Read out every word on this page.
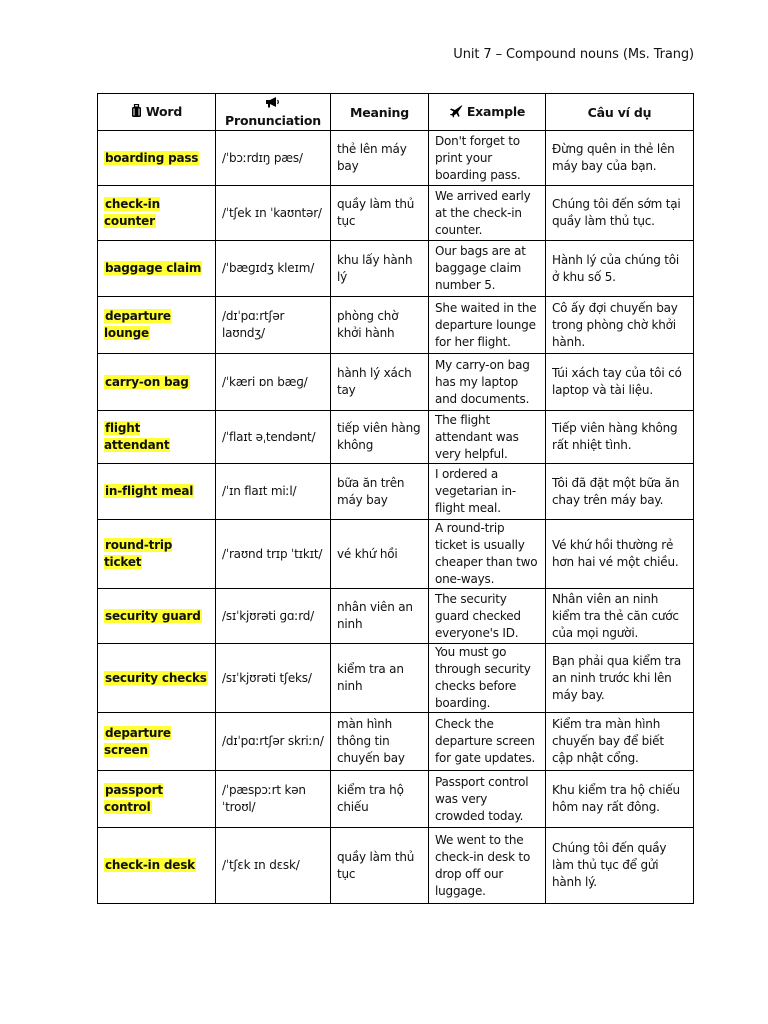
Unit 7 – Compound nouns (Ms. Trang)
Word	Pronunciation	Meaning	Example	Câu ví dụ
boarding pass	/ˈbɔːrdɪŋ pæs/	thẻ lên máy bay	Don't forget to print your boarding pass.	Đừng quên in thẻ lên máy bay của bạn.
check-in counter	/ˈtʃek ɪn ˈkaʊntər/	quầy làm thủ tục	We arrived early at the check-in counter.	Chúng tôi đến sớm tại quầy làm thủ tục.
baggage claim	/ˈbæɡɪdʒ kleɪm/	khu lấy hành lý	Our bags are at baggage claim number 5.	Hành lý của chúng tôi ở khu số 5.
departure lounge	/dɪˈpɑːrtʃər laʊndʒ/	phòng chờ khởi hành	She waited in the departure lounge for her flight.	Cô ấy đợi chuyến bay trong phòng chờ khởi hành.
carry-on bag	/ˈkæri ɒn bæɡ/	hành lý xách tay	My carry-on bag has my laptop and documents.	Túi xách tay của tôi có laptop và tài liệu.
flight attendant	/ˈflaɪt əˌtendənt/	tiếp viên hàng không	The flight attendant was very helpful.	Tiếp viên hàng không rất nhiệt tình.
in-flight meal	/ˈɪn flaɪt miːl/	bữa ăn trên máy bay	I ordered a vegetarian in-flight meal.	Tôi đã đặt một bữa ăn chay trên máy bay.
round-trip ticket	/ˈraʊnd trɪp ˈtɪkɪt/	vé khứ hồi	A round-trip ticket is usually cheaper than two one-ways.	Vé khứ hồi thường rẻ hơn hai vé một chiều.
security guard	/sɪˈkjʊrəti ɡɑːrd/	nhân viên an ninh	The security guard checked everyone's ID.	Nhân viên an ninh kiểm tra thẻ căn cước của mọi người.
security checks	/sɪˈkjʊrəti tʃeks/	kiểm tra an ninh	You must go through security checks before boarding.	Bạn phải qua kiểm tra an ninh trước khi lên máy bay.
departure screen	/dɪˈpɑːrtʃər skriːn/	màn hình thông tin chuyến bay	Check the departure screen for gate updates.	Kiểm tra màn hình chuyến bay để biết cập nhật cổng.
passport control	/ˈpæspɔːrt kənˈtroʊl/	kiểm tra hộ chiếu	Passport control was very crowded today.	Khu kiểm tra hộ chiếu hôm nay rất đông.
check-in desk	/ˈtʃɛk ɪn dɛsk/	quầy làm thủ tục	We went to the check-in desk to drop off our luggage.	Chúng tôi đến quầy làm thủ tục để gửi hành lý.
